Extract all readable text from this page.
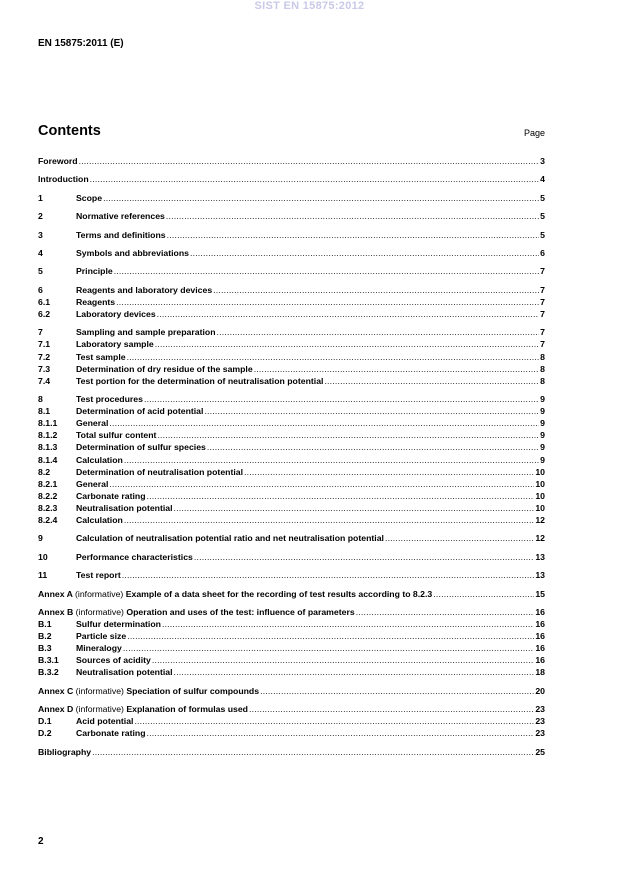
SIST EN 15875:2012
EN 15875:2011 (E)
Contents	Page
Foreword .....	3
Introduction .....	4
1	Scope .....	5
2	Normative references .....	5
3	Terms and definitions .....	5
4	Symbols and abbreviations .....	6
5	Principle .....	7
6	Reagents and laboratory devices .....	7
6.1	Reagents .....	7
6.2	Laboratory devices .....	7
7	Sampling and sample preparation .....	7
7.1	Laboratory sample .....	7
7.2	Test sample .....	8
7.3	Determination of dry residue of the sample .....	8
7.4	Test portion for the determination of neutralisation potential .....	8
8	Test procedures .....	9
8.1	Determination of acid potential .....	9
8.1.1	General .....	9
8.1.2	Total sulfur content .....	9
8.1.3	Determination of sulfur species .....	9
8.1.4	Calculation .....	9
8.2	Determination of neutralisation potential .....	10
8.2.1	General .....	10
8.2.2	Carbonate rating .....	10
8.2.3	Neutralisation potential .....	10
8.2.4	Calculation .....	12
9	Calculation of neutralisation potential ratio and net neutralisation potential .....	12
10	Performance characteristics .....	13
11	Test report .....	13
Annex A (informative) Example of a data sheet for the recording of test results according to 8.2.3 .....	15
Annex B (informative) Operation and uses of the test: influence of parameters .....	16
B.1	Sulfur determination .....	16
B.2	Particle size .....	16
B.3	Mineralogy .....	16
B.3.1	Sources of acidity .....	16
B.3.2	Neutralisation potential .....	18
Annex C (informative) Speciation of sulfur compounds .....	20
Annex D (informative) Explanation of formulas used .....	23
D.1	Acid potential .....	23
D.2	Carbonate rating .....	23
Bibliography .....	25
2
